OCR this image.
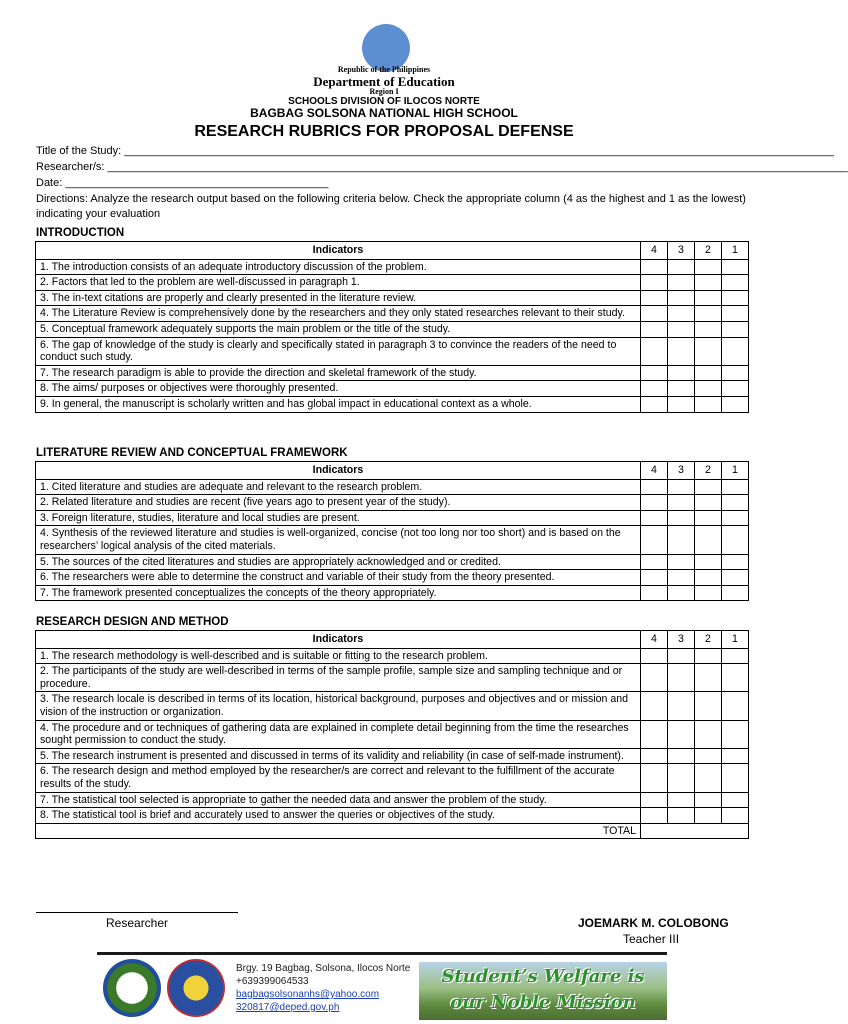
Republic of the Philippines
Department of Education
Region I
SCHOOLS DIVISION OF ILOCOS NORTE
BAGBAG SOLSONA NATIONAL HIGH SCHOOL
RESEARCH RUBRICS FOR PROPOSAL DEFENSE
Title of the Study: ____________________________________________________________________________________________________________________
Researcher/s: _________________________________________________________________________________________________________________________
Date: ___________________________________________
Directions: Analyze the research output based on the following criteria below. Check the appropriate column (4 as the highest and 1 as the lowest) indicating your evaluation
INTRODUCTION
Indicators	4	3	2	1
1. The introduction consists of an adequate introductory discussion of the problem.				
2. Factors that led to the problem are well-discussed in paragraph 1.				
3. The in-text citations are properly and clearly presented in the literature review.				
4. The Literature Review is comprehensively done by the researchers and they only stated researches relevant to their study.				
5. Conceptual framework adequately supports the main problem or the title of the study.				
6. The gap of knowledge of the study is clearly and specifically stated in paragraph 3 to convince the readers of the need to conduct such study.				
7. The research paradigm is able to provide the direction and skeletal framework of the study.				
8. The aims/ purposes or objectives were thoroughly presented.				
9. In general, the manuscript is scholarly written and has global impact in educational context as a whole.				
LITERATURE REVIEW AND CONCEPTUAL FRAMEWORK
Indicators	4	3	2	1
1. Cited literature and studies are adequate and relevant to the research problem.				
2. Related literature and studies are recent (five years ago to present year of the study).				
3. Foreign literature, studies, literature and local studies are present.				
4. Synthesis of the reviewed literature and studies is well-organized, concise (not too long nor too short) and is based on the researchers’ logical analysis of the cited materials.				
5. The sources of the cited literatures and studies are appropriately acknowledged and or credited.				
6. The researchers were able to determine the construct and variable of their study from the theory presented.				
7. The framework presented conceptualizes the concepts of the theory appropriately.				
RESEARCH DESIGN AND METHOD
Indicators	4	3	2	1
1. The research methodology is well-described and is suitable or fitting to the research problem.				
2. The participants of the study are well-described in terms of the sample profile, sample size and sampling technique and or procedure.				
3. The research locale is described in terms of its location, historical background, purposes and objectives and or mission and vision of the instruction or organization.				
4. The procedure and or techniques of gathering data are explained in complete detail beginning from the time the researches sought permission to conduct the study.				
5. The research instrument is presented and discussed in terms of its validity and reliability (in case of self-made instrument).				
6. The research design and method employed by the researcher/s are correct and relevant to the fulfillment of the accurate results of the study.				
7. The statistical tool selected is appropriate to gather the needed data and answer the problem of the study.				
8. The statistical tool is brief and accurately used to answer the queries or objectives of the study.				
TOTAL				
Researcher	JOEMARK M. COLOBONG
Teacher III
Brgy. 19 Bagbag, Solsona, Ilocos Norte
+639399064533
bagbagsolsonanhs@yahoo.com
320817@deped.gov.ph
Student’s Welfare is
our Noble Mission
